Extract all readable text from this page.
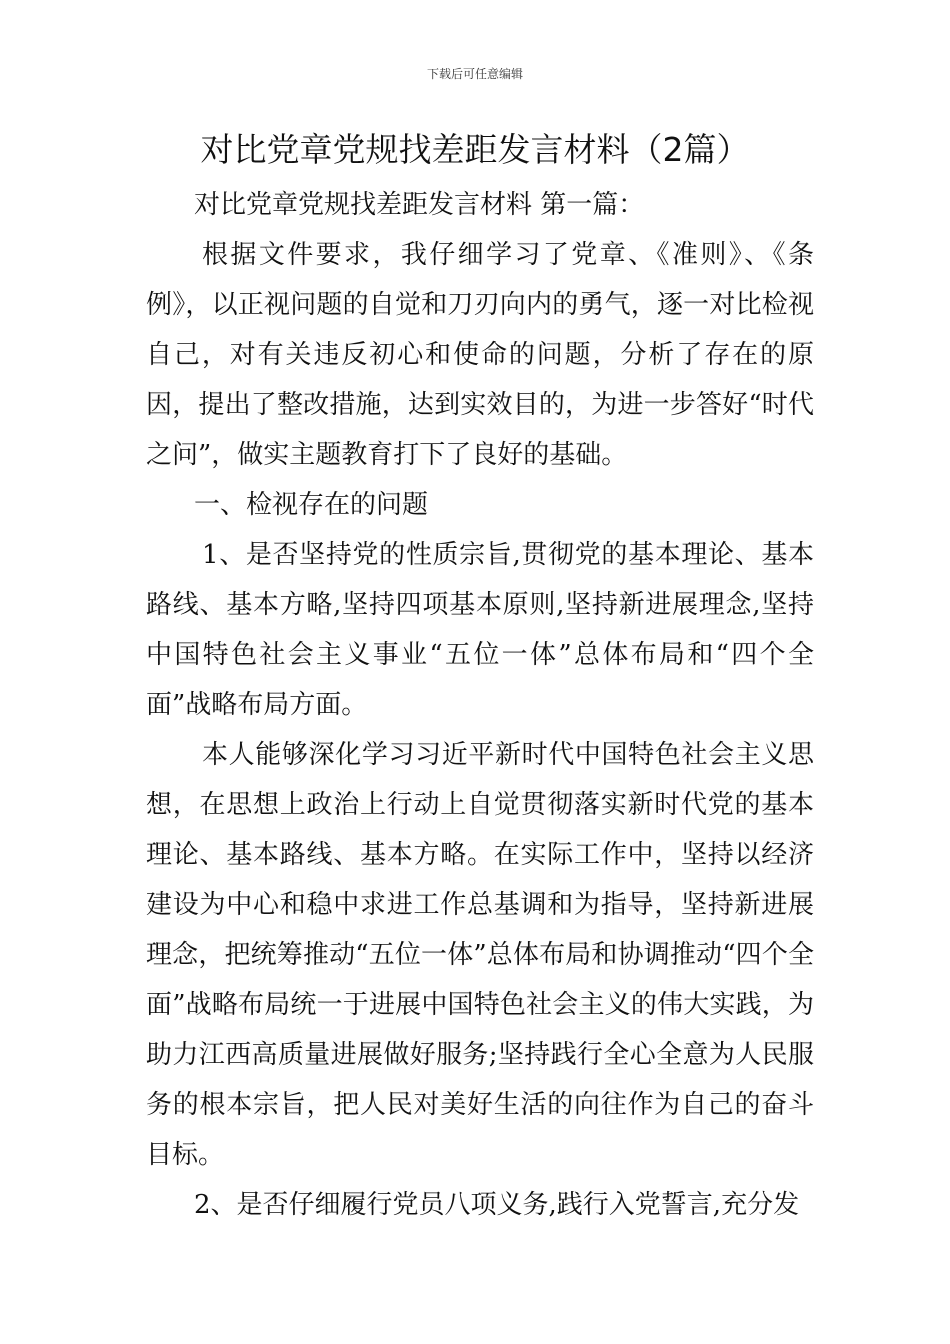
下载后可任意编辑
对比党章党规找差距发言材料（2篇）

对比党章党规找差距发言材料 第一篇：

根据文件要求，我仔细学习了党章、《准则》、《条例》，以正视问题的自觉和刀刃向内的勇气，逐一对比检视自己，对有关违反初心和使命的问题，分析了存在的原因，提出了整改措施，达到实效目的，为进一步答好“时代之问”，做实主题教育打下了良好的基础。

一、检视存在的问题

1、是否坚持党的性质宗旨,贯彻党的基本理论、基本路线、基本方略,坚持四项基本原则,坚持新进展理念,坚持中国特色社会主义事业“五位一体”总体布局和“四个全面”战略布局方面。

本人能够深化学习习近平新时代中国特色社会主义思想，在思想上政治上行动上自觉贯彻落实新时代党的基本理论、基本路线、基本方略。在实际工作中，坚持以经济建设为中心和稳中求进工作总基调和为指导，坚持新进展理念，把统筹推动“五位一体”总体布局和协调推动“四个全面”战略布局统一于进展中国特色社会主义的伟大实践，为助力江西高质量进展做好服务;坚持践行全心全意为人民服务的根本宗旨，把人民对美好生活的向往作为自己的奋斗目标。

2、是否仔细履行党员八项义务,践行入党誓言,充分发
